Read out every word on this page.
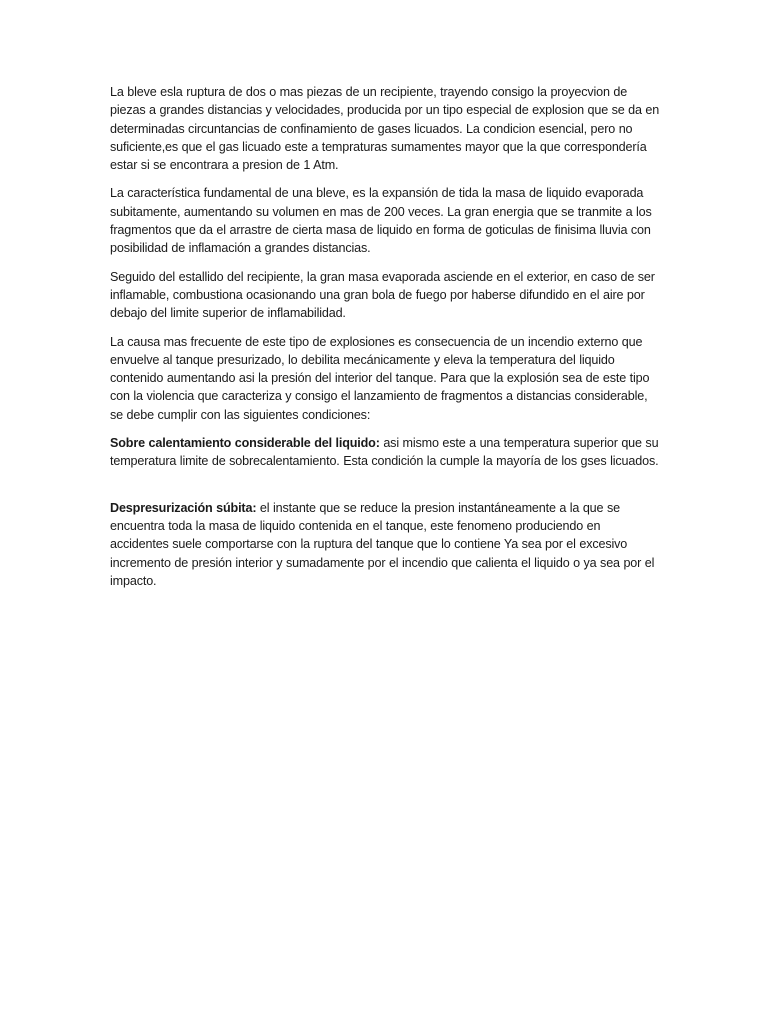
La bleve esla ruptura de dos o mas piezas de un recipiente, trayendo consigo la proyecvion de piezas a grandes distancias y velocidades, producida por un tipo especial de explosion que se da en determinadas circuntancias de confinamiento de gases licuados. La condicion esencial, pero no suficiente,es que el gas licuado este a tempraturas sumamentes mayor que la que correspondería estar si se encontrara a presion de 1 Atm.

La característica fundamental de una bleve, es la expansión de tida la masa de liquido evaporada subitamente, aumentando su volumen en mas de 200 veces. La gran energia que se tranmite a los fragmentos que da el arrastre de cierta masa de liquido en forma de goticulas de finisima lluvia con posibilidad de inflamación a grandes distancias.

Seguido del estallido del recipiente, la gran masa evaporada asciende en el exterior, en caso de ser inflamable, combustiona ocasionando una gran bola de fuego por haberse difundido en el aire por debajo del limite superior de inflamabilidad.

La causa mas frecuente de este tipo de explosiones es consecuencia de un incendio externo que envuelve al tanque presurizado, lo debilita mecánicamente y eleva la temperatura del liquido contenido aumentando asi la presión del interior del tanque. Para que la explosión sea de este tipo con la violencia que caracteriza y consigo el lanzamiento de fragmentos a distancias considerable, se debe cumplir con las siguientes condiciones:

Sobre calentamiento considerable del liquido: asi mismo este a una temperatura superior que su temperatura limite de sobrecalentamiento. Esta condición la cumple la mayoría de los gses licuados.

Despresurización súbita: el instante que se reduce la presion instantáneamente a la que se encuentra toda la masa de liquido contenida en el tanque, este fenomeno produciendo en accidentes suele comportarse con la ruptura del tanque que lo contiene Ya sea por el excesivo incremento de presión interior y sumadamente por el incendio que calienta el liquido o ya sea por el impacto.
